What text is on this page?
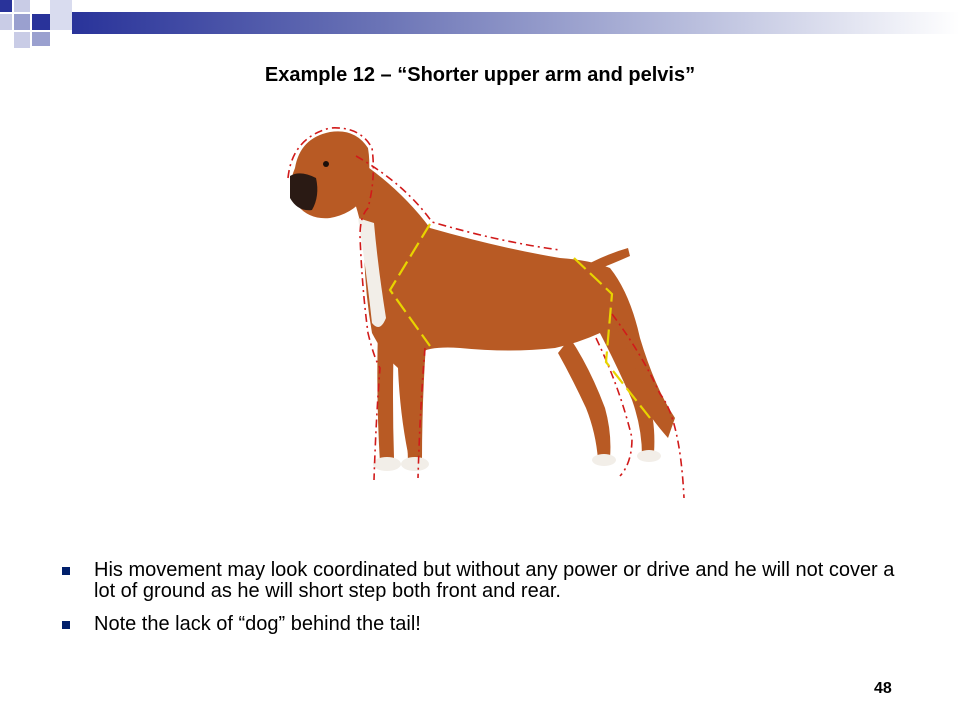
Example 12 – “Shorter upper arm and pelvis”
His movement may look coordinated but without any power or drive and he will not cover a lot of ground as he will short step both front and rear.
Note the lack of “dog” behind the tail!
48
